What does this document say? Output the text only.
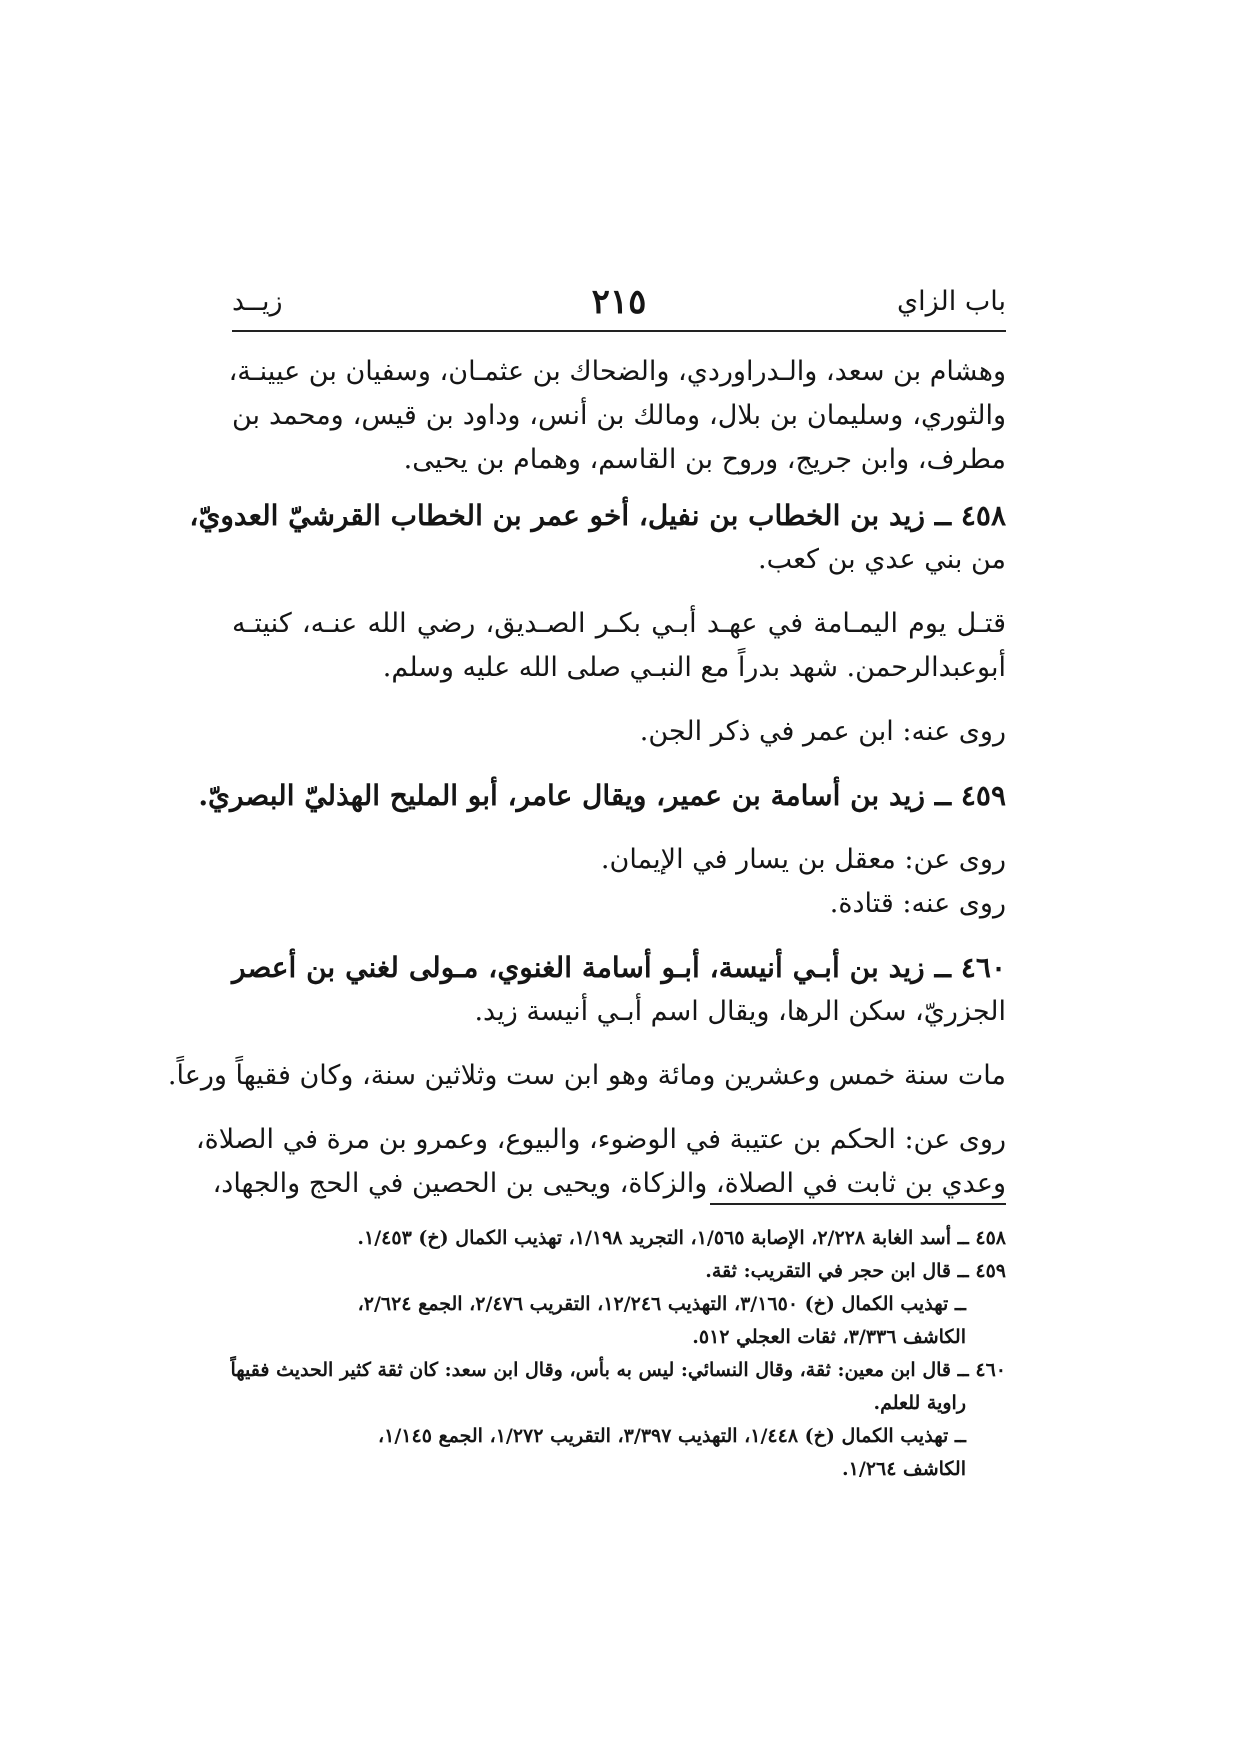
باب الزاي
٢١٥
زيــد
وهشام بن سعد، والـدراوردي، والضحاك بن عثمـان، وسفيان بن عيينـة،
والثوري، وسليمان بن بلال، ومالك بن أنس، وداود بن قيس، ومحمد بن
مطرف، وابن جريج، وروح بن القاسم، وهمام بن يحيى.
٤٥٨ ــ زيد بن الخطاب بن نفيل، أخو عمر بن الخطاب القرشيّ العدويّ،
من بني عدي بن كعب.
قتـل يوم اليمـامة في عهـد أبـي بكـر الصـديق، رضي الله عنـه، كنيتـه
أبوعبدالرحمن. شهد بدراً مع النبـي صلى الله عليه وسلم.
روى عنه: ابن عمر في ذكر الجن.
٤٥٩ ــ زيد بن أسامة بن عمير، ويقال عامر، أبو المليح الهذليّ البصريّ.
روى عن: معقل بن يسار في الإيمان.
روى عنه: قتادة.
٤٦٠ ــ زيد بن أبـي أنيسة، أبـو أسامة الغنوي، مـولى لغني بن أعصر
الجزريّ، سكن الرها، ويقال اسم أبـي أنيسة زيد.
مات سنة خمس وعشرين ومائة وهو ابن ست وثلاثين سنة، وكان فقيهاً ورعاً.
روى عن: الحكم بن عتيبة في الوضوء، والبيوع، وعمرو بن مرة في الصلاة،
وعدي بن ثابت في الصلاة، والزكاة، ويحيى بن الحصين في الحج والجهاد،
٤٥٨ ــ أسد الغابة ٢/٢٢٨، الإصابة ١/٥٦٥، التجريد ١/١٩٨، تهذيب الكمال (خ) ١/٤٥٣.
٤٥٩ ــ قال ابن حجر في التقريب: ثقة.
ــ تهذيب الكمال (خ) ٣/١٦٥٠، التهذيب ١٢/٢٤٦، التقريب ٢/٤٧٦، الجمع ٢/٦٢٤،
الكاشف ٣/٣٣٦، ثقات العجلي ٥١٢.
٤٦٠ ــ قال ابن معين: ثقة، وقال النسائي: ليس به بأس، وقال ابن سعد: كان ثقة كثير الحديث فقيهاً
راوية للعلم.
ــ تهذيب الكمال (خ) ١/٤٤٨، التهذيب ٣/٣٩٧، التقريب ١/٢٧٢، الجمع ١/١٤٥،
الكاشف ١/٢٦٤.
